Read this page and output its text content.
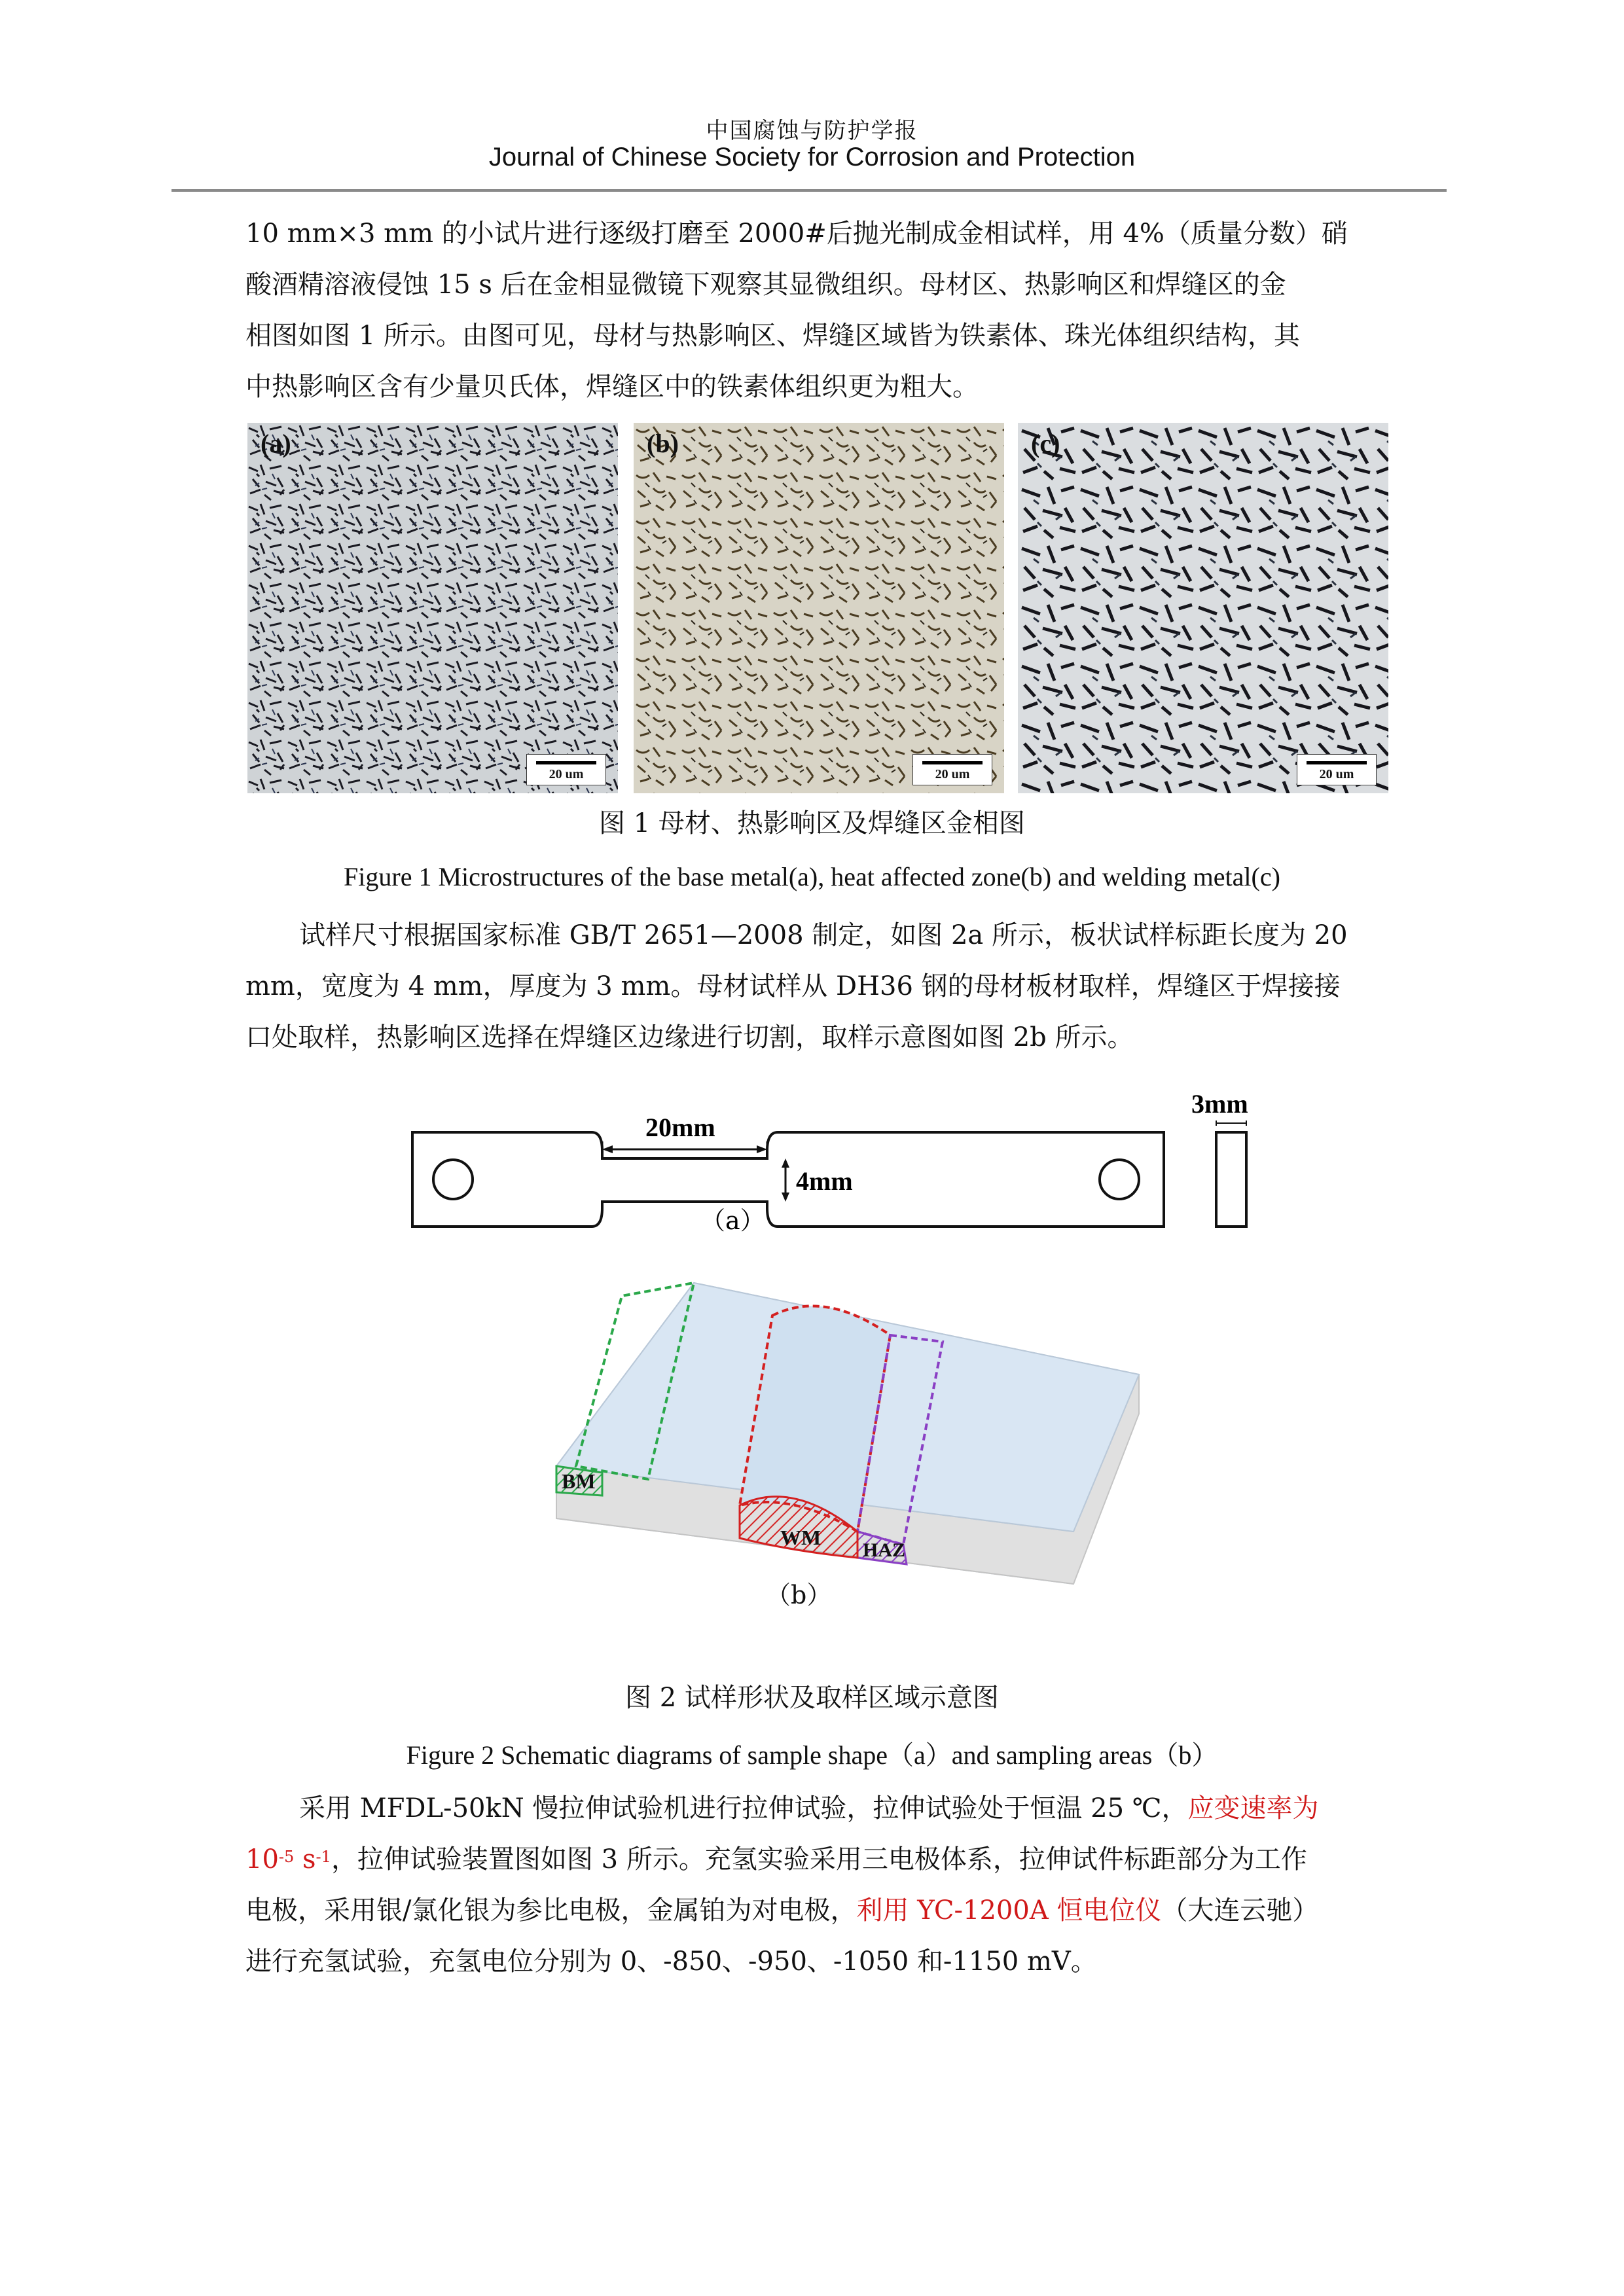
中国腐蚀与防护学报
Journal of Chinese Society for Corrosion and Protection
10 mm×3 mm 的小试片进行逐级打磨至 2000#后抛光制成金相试样，用 4%（质量分数）硝
酸酒精溶液侵蚀 15 s 后在金相显微镜下观察其显微组织。母材区、热影响区和焊缝区的金
相图如图 1 所示。由图可见，母材与热影响区、焊缝区域皆为铁素体、珠光体组织结构，其
中热影响区含有少量贝氏体，焊缝区中的铁素体组织更为粗大。
(a)
20 um
(b)
20 um
(c)
20 um
图 1 母材、热影响区及焊缝区金相图
Figure 1 Microstructures of the base metal(a), heat affected zone(b) and welding metal(c)
试样尺寸根据国家标准 GB/T 2651—2008 制定，如图 2a 所示，板状试样标距长度为 20
mm，宽度为 4 mm，厚度为 3 mm。母材试样从 DH36 钢的母材板材取样，焊缝区于焊接接
口处取样，热影响区选择在焊缝区边缘进行切割，取样示意图如图 2b 所示。
20mm
4mm
（a）
3mm
BM
WM
HAZ
（b）
图 2 试样形状及取样区域示意图
Figure 2 Schematic diagrams of sample shape（a）and sampling areas（b）
采用 MFDL-50kN 慢拉伸试验机进行拉伸试验，拉伸试验处于恒温 25 ℃，应变速率为
$10^{-5}$ $s^{-1}$，拉伸试验装置图如图 3 所示。充氢实验采用三电极体系，拉伸试件标距部分为工作
电极，采用银/氯化银为参比电极，金属铂为对电极，利用 YC-1200A 恒电位仪（大连云驰）
进行充氢试验，充氢电位分别为 0、-850、-950、-1050 和-1150 mV。
